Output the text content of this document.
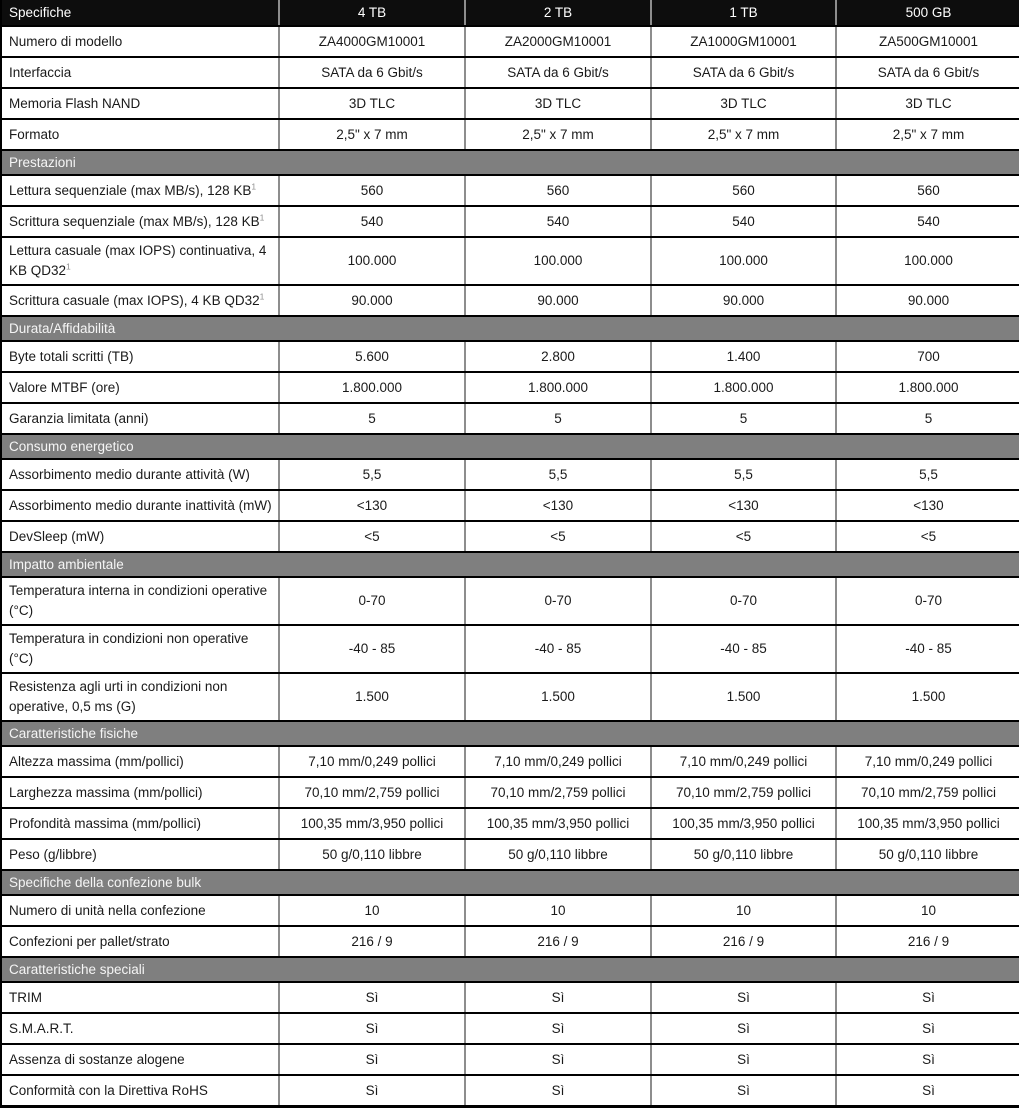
Specifiche	4 TB	2 TB	1 TB	500 GB
Numero di modello	ZA4000GM10001	ZA2000GM10001	ZA1000GM10001	ZA500GM10001
Interfaccia	SATA da 6 Gbit/s	SATA da 6 Gbit/s	SATA da 6 Gbit/s	SATA da 6 Gbit/s
Memoria Flash NAND	3D TLC	3D TLC	3D TLC	3D TLC
Formato	2,5" x 7 mm	2,5" x 7 mm	2,5" x 7 mm	2,5" x 7 mm
Prestazioni				
Lettura sequenziale (max MB/s), 128 KB$^1$	560	560	560	560
Scrittura sequenziale (max MB/s), 128 KB$^1$	540	540	540	540
Lettura casuale (max IOPS) continuativa, 4 KB QD32$^1$	100.000	100.000	100.000	100.000
Scrittura casuale (max IOPS), 4 KB QD32$^1$	90.000	90.000	90.000	90.000
Durata/Affidabilità				
Byte totali scritti (TB)	5.600	2.800	1.400	700
Valore MTBF (ore)	1.800.000	1.800.000	1.800.000	1.800.000
Garanzia limitata (anni)	5	5	5	5
Consumo energetico				
Assorbimento medio durante attività (W)	5,5	5,5	5,5	5,5
Assorbimento medio durante inattività (mW)	<130	<130	<130	<130
DevSleep (mW)	<5	<5	<5	<5
Impatto ambientale				
Temperatura interna in condizioni operative (°C)	0-70	0-70	0-70	0-70
Temperatura in condizioni non operative (°C)	-40 - 85	-40 - 85	-40 - 85	-40 - 85
Resistenza agli urti in condizioni non operative, 0,5 ms (G)	1.500	1.500	1.500	1.500
Caratteristiche fisiche				
Altezza massima (mm/pollici)	7,10 mm/0,249 pollici	7,10 mm/0,249 pollici	7,10 mm/0,249 pollici	7,10 mm/0,249 pollici
Larghezza massima (mm/pollici)	70,10 mm/2,759 pollici	70,10 mm/2,759 pollici	70,10 mm/2,759 pollici	70,10 mm/2,759 pollici
Profondità massima (mm/pollici)	100,35 mm/3,950 pollici	100,35 mm/3,950 pollici	100,35 mm/3,950 pollici	100,35 mm/3,950 pollici
Peso (g/libbre)	50 g/0,110 libbre	50 g/0,110 libbre	50 g/0,110 libbre	50 g/0,110 libbre
Specifiche della confezione bulk				
Numero di unità nella confezione	10	10	10	10
Confezioni per pallet/strato	216 / 9	216 / 9	216 / 9	216 / 9
Caratteristiche speciali				
TRIM	Sì	Sì	Sì	Sì
S.M.A.R.T.	Sì	Sì	Sì	Sì
Assenza di sostanze alogene	Sì	Sì	Sì	Sì
Conformità con la Direttiva RoHS	Sì	Sì	Sì	Sì
